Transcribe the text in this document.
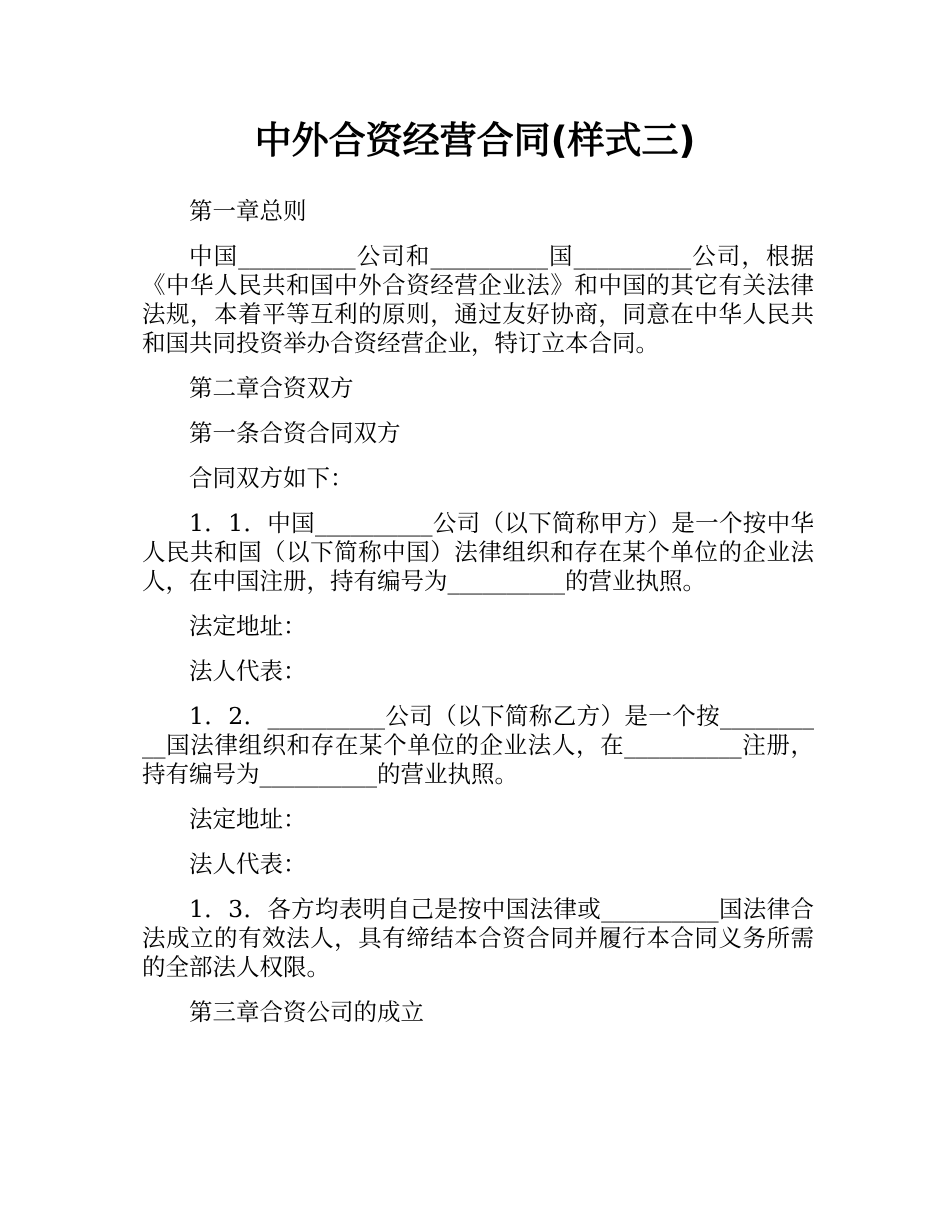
中外合资经营合同(样式三)

第一章总则

中国__________公司和__________国__________公司，根据《中华人民共和国中外合资经营企业法》和中国的其它有关法律法规，本着平等互利的原则，通过友好协商，同意在中华人民共和国共同投资举办合资经营企业，特订立本合同。

第二章合资双方

第一条合资合同双方

合同双方如下：

1．1．中国__________公司（以下简称甲方）是一个按中华人民共和国（以下简称中国）法律组织和存在某个单位的企业法人，在中国注册，持有编号为__________的营业执照。

法定地址：

法人代表：

1．2．__________公司（以下简称乙方）是一个按__________国法律组织和存在某个单位的企业法人，在__________注册，持有编号为__________的营业执照。

法定地址：

法人代表：

1．3．各方均表明自己是按中国法律或__________国法律合法成立的有效法人，具有缔结本合资合同并履行本合同义务所需的全部法人权限。

第三章合资公司的成立
